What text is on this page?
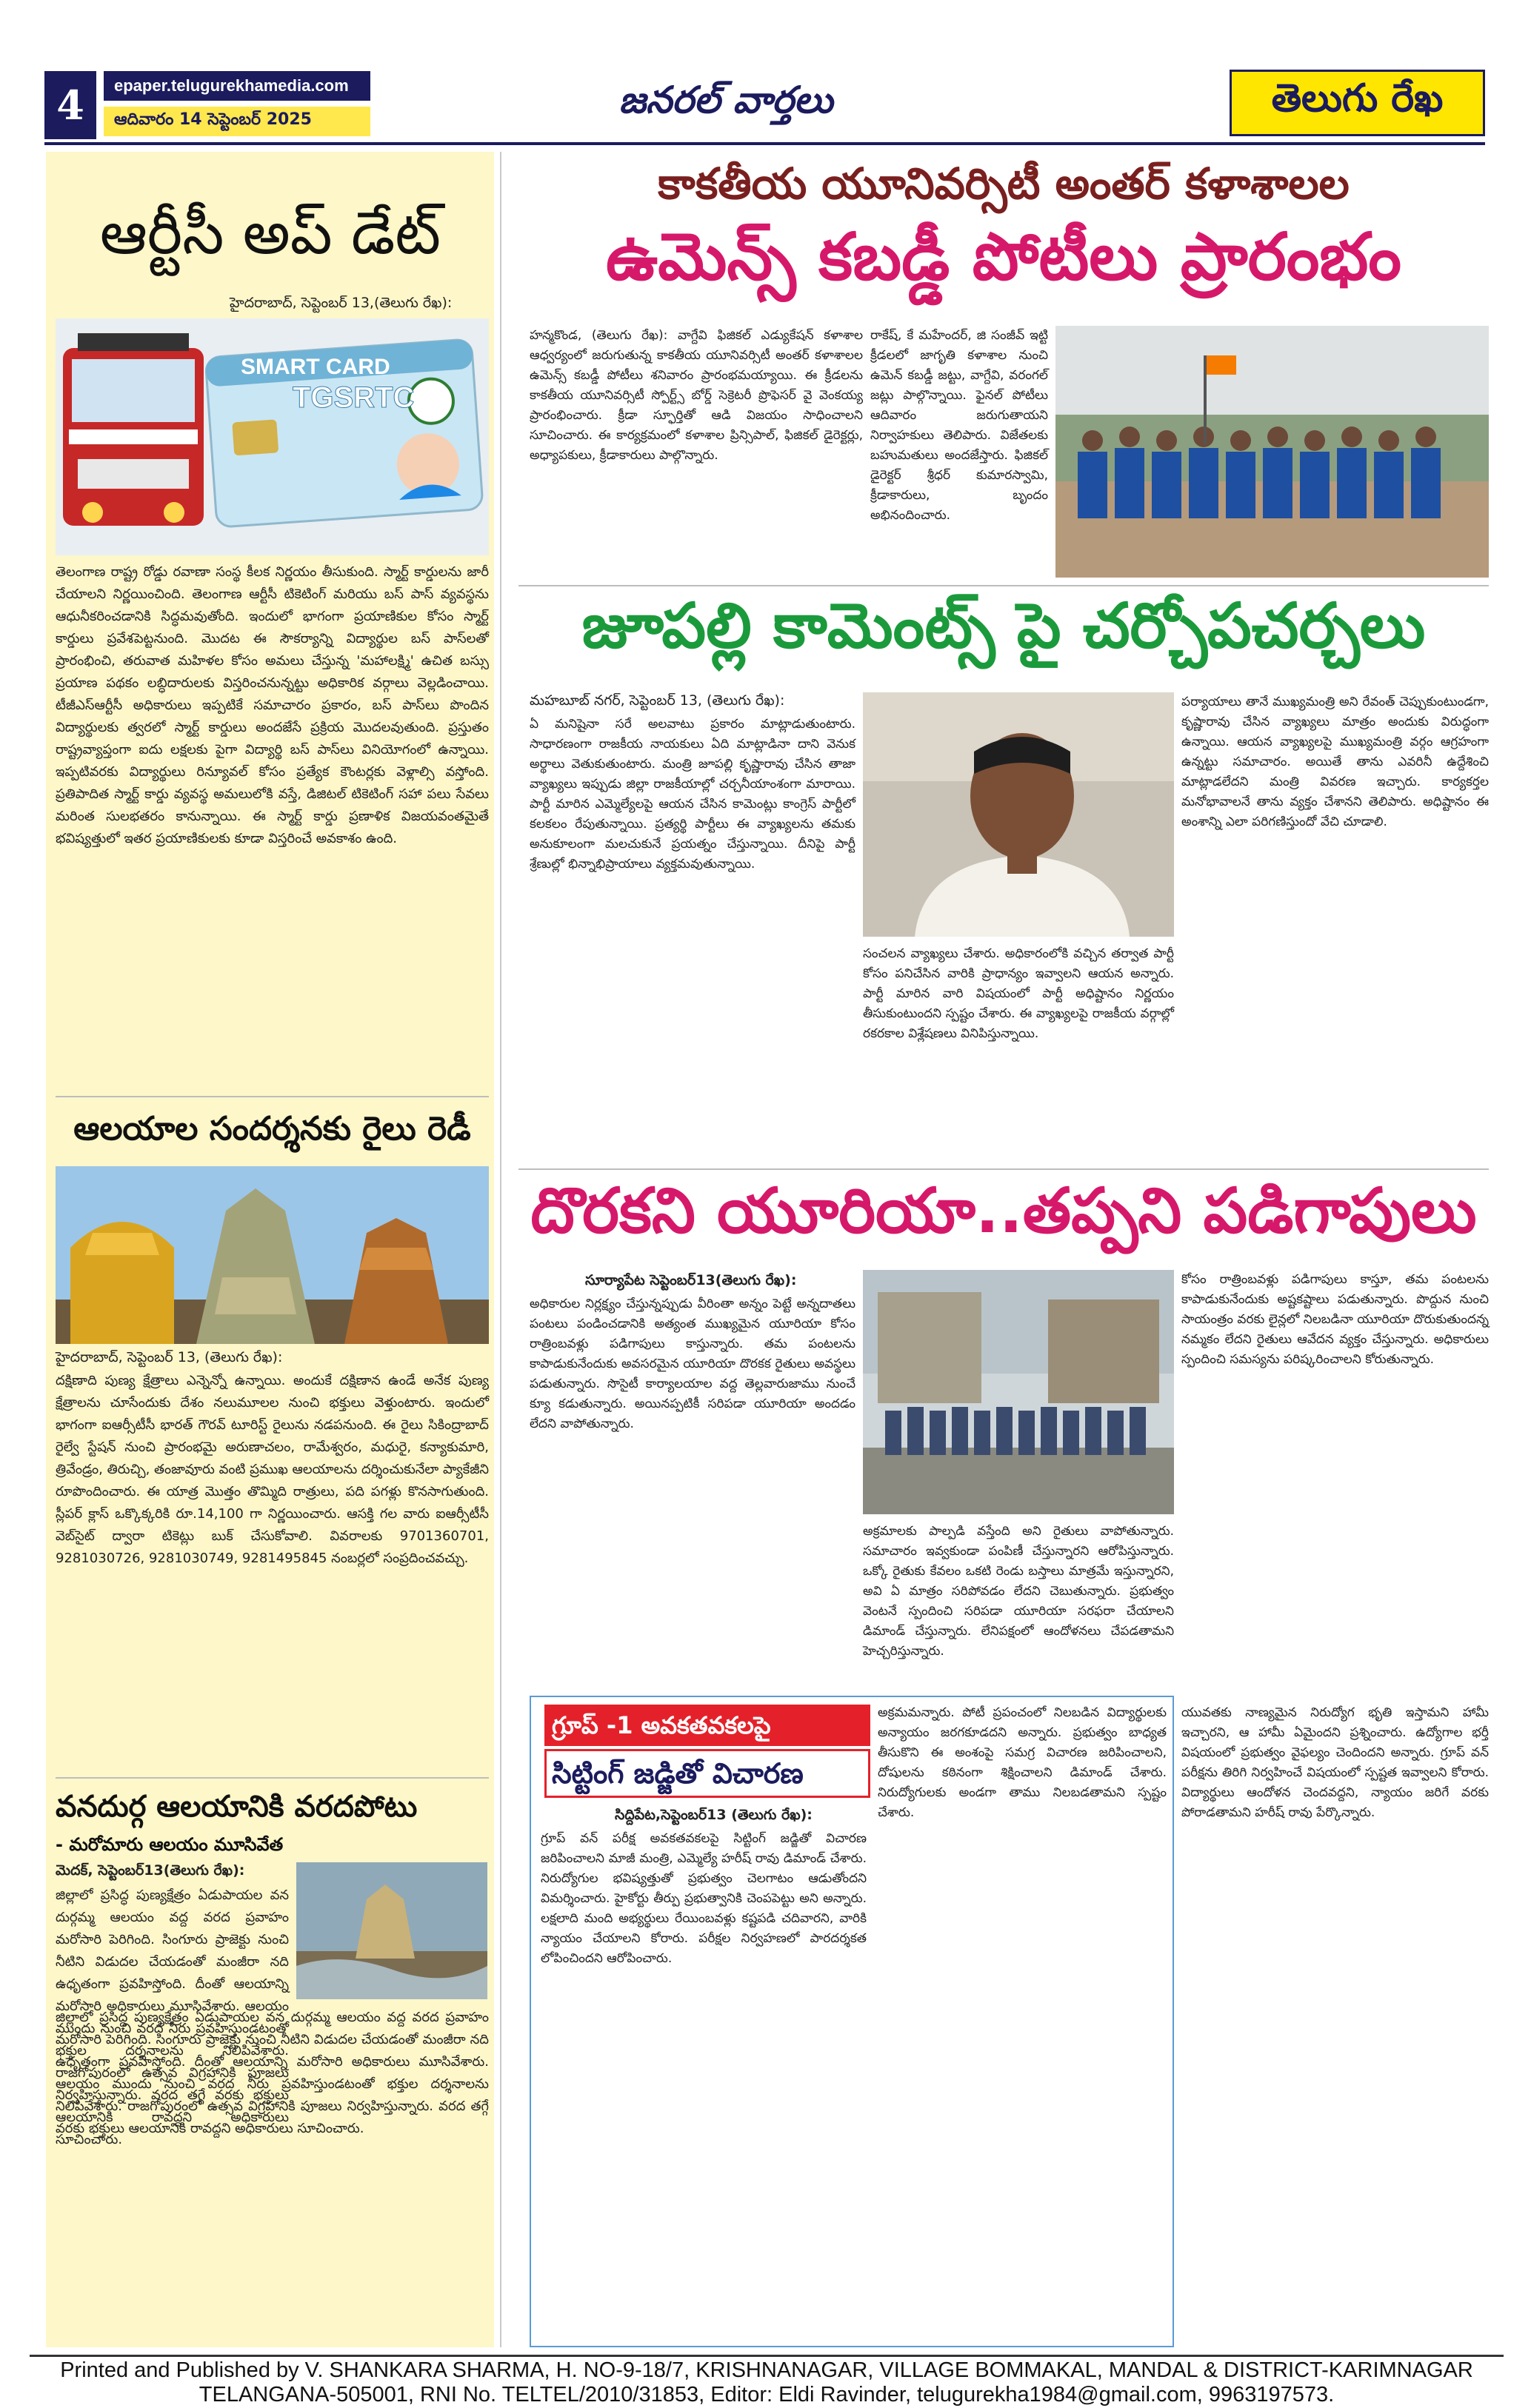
4	epaper.telugurekhamedia.com
ఆదివారం 14 సెప్టెంబర్ 2025	జనరల్ వార్తలు	తెలుగు రేఖ
ఆర్టీసీ అప్ డేట్
హైదరాబాద్, సెప్టెంబర్ 13,(తెలుగు రేఖ):
SMART CARD
TGSRTC
తెలంగాణ రాష్ట్ర రోడ్డు రవాణా సంస్థ కీలక నిర్ణయం తీసుకుంది. స్మార్ట్ కార్డులను జారీ చేయాలని నిర్ణయించింది. తెలంగాణ ఆర్టీసీ టికెటింగ్ మరియు బస్ పాస్ వ్యవస్థను ఆధునీకరించడానికి సిద్ధమవుతోంది. ఇందులో భాగంగా ప్రయాణికుల కోసం స్మార్ట్ కార్డులు ప్రవేశపెట్టనుంది. మొదట ఈ సౌకర్యాన్ని విద్యార్థుల బస్ పాస్‌లతో ప్రారంభించి, తరువాత మహిళల కోసం అమలు చేస్తున్న 'మహాలక్ష్మి' ఉచిత బస్సు ప్రయాణ పథకం లబ్ధిదారులకు విస్తరించనున్నట్టు అధికారిక వర్గాలు వెల్లడించాయి. టీజీఎస్ఆర్టీసీ అధికారులు ఇప్పటికే సమాచారం ప్రకారం, బస్ పాస్‌లు పొందిన విద్యార్థులకు త్వరలో స్మార్ట్ కార్డులు అందజేసే ప్రక్రియ మొదలవుతుంది. ప్రస్తుతం రాష్ట్రవ్యాప్తంగా ఐదు లక్షలకు పైగా విద్యార్థి బస్ పాస్‌లు వినియోగంలో ఉన్నాయి. ఇప్పటివరకు విద్యార్థులు రిన్యూవల్ కోసం ప్రత్యేక కౌంటర్లకు వెళ్లాల్సి వస్తోంది. ప్రతిపాదిత స్మార్ట్ కార్డు వ్యవస్థ అమలులోకి వస్తే, డిజిటల్ టికెటింగ్ సహా పలు సేవలు మరింత సులభతరం కానున్నాయి. ఈ స్మార్ట్ కార్డు ప్రణాళిక విజయవంతమైతే భవిష్యత్తులో ఇతర ప్రయాణికులకు కూడా విస్తరించే అవకాశం ఉంది.
ఆలయాల సందర్శనకు రైలు రెడీ
హైదరాబాద్, సెప్టెంబర్ 13, (తెలుగు రేఖ):
దక్షిణాది పుణ్య క్షేత్రాలు ఎన్నెన్నో ఉన్నాయి. అందుకే దక్షిణాన ఉండే అనేక పుణ్య క్షేత్రాలను చూసేందుకు దేశం నలుమూలల నుంచి భక్తులు వెళ్తుంటారు. ఇందులో భాగంగా ఐఆర్సీటీసీ భారత్ గౌరవ్ టూరిస్ట్ రైలును నడపనుంది. ఈ రైలు సికింద్రాబాద్ రైల్వే స్టేషన్ నుంచి ప్రారంభమై అరుణాచలం, రామేశ్వరం, మధురై, కన్యాకుమారి, త్రివేండ్రం, తిరుచ్చి, తంజావూరు వంటి ప్రముఖ ఆలయాలను దర్శించుకునేలా ప్యాకేజీని రూపొందించారు. ఈ యాత్ర మొత్తం తొమ్మిది రాత్రులు, పది పగళ్లు కొనసాగుతుంది. స్లీపర్ క్లాస్ ఒక్కొక్కరికి రూ.14,100 గా నిర్ణయించారు. ఆసక్తి గల వారు ఐఆర్సీటీసీ వెబ్‌సైట్ ద్వారా టికెట్లు బుక్ చేసుకోవాలి. వివరాలకు 9701360701, 9281030726, 9281030749, 9281495845 నంబర్లలో సంప్రదించవచ్చు.
వనదుర్గ ఆలయానికి వరదపోటు
- మరోమారు ఆలయం మూసివేత
మెదక్, సెప్టెంబర్13(తెలుగు రేఖ):
జిల్లాలో ప్రసిద్ధ పుణ్యక్షేత్రం ఏడుపాయల వన దుర్గమ్మ ఆలయం వద్ద వరద ప్రవాహం మరోసారి పెరిగింది. సింగూరు ప్రాజెక్టు నుంచి నీటిని విడుదల చేయడంతో మంజీరా నది ఉధృతంగా ప్రవహిస్తోంది. దీంతో ఆలయాన్ని మరోసారి అధికారులు మూసివేశారు. ఆలయం ముందు నుంచి వరద నీరు ప్రవహిస్తుండటంతో భక్తుల దర్శనాలను నిలిపివేశారు. రాజగోపురంలో ఉత్సవ విగ్రహానికి పూజలు నిర్వహిస్తున్నారు. వరద తగ్గే వరకు భక్తులు ఆలయానికి రావద్దని అధికారులు సూచించారు.
జిల్లాలో ప్రసిద్ధ పుణ్యక్షేత్రం ఏడుపాయల వన దుర్గమ్మ ఆలయం వద్ద వరద ప్రవాహం మరోసారి పెరిగింది. సింగూరు ప్రాజెక్టు నుంచి నీటిని విడుదల చేయడంతో మంజీరా నది ఉధృతంగా ప్రవహిస్తోంది. దీంతో ఆలయాన్ని మరోసారి అధికారులు మూసివేశారు. ఆలయం ముందు నుంచి వరద నీరు ప్రవహిస్తుండటంతో భక్తుల దర్శనాలను నిలిపివేశారు. రాజగోపురంలో ఉత్సవ విగ్రహానికి పూజలు నిర్వహిస్తున్నారు. వరద తగ్గే వరకు భక్తులు ఆలయానికి రావద్దని అధికారులు సూచించారు.
కాకతీయ యూనివర్సిటీ అంతర్ కళాశాలల
ఉమెన్స్ కబడ్డీ పోటీలు ప్రారంభం
హన్మకొండ, (తెలుగు రేఖ): వాగ్దేవి ఫిజికల్ ఎడ్యుకేషన్ కళాశాల ఆధ్వర్యంలో జరుగుతున్న కాకతీయ యూనివర్సిటీ అంతర్ కళాశాలల ఉమెన్స్ కబడ్డీ పోటీలు శనివారం ప్రారంభమయ్యాయి. ఈ క్రీడలను కాకతీయ యూనివర్సిటీ స్పోర్ట్స్ బోర్డ్ సెక్రెటరీ ప్రొఫెసర్ వై వెంకయ్య ప్రారంభించారు. క్రీడా స్ఫూర్తితో ఆడి విజయం సాధించాలని సూచించారు. ఈ కార్యక్రమంలో కళాశాల ప్రిన్సిపాల్, ఫిజికల్ డైరెక్టర్లు, అధ్యాపకులు, క్రీడాకారులు పాల్గొన్నారు.
రాకేష్, కే మహేందర్, జి సంజీవ్ ఇట్టి క్రీడలలో జాగృతి కళాశాల నుంచి ఉమెన్ కబడ్డీ జట్టు, వాగ్దేవి, వరంగల్ జట్లు పాల్గొన్నాయి. ఫైనల్ పోటీలు ఆదివారం జరుగుతాయని నిర్వాహకులు తెలిపారు. విజేతలకు బహుమతులు అందజేస్తారు. ఫిజికల్ డైరెక్టర్ శ్రీధర్ కుమారస్వామి, క్రీడాకారులు, బృందం అభినందించారు.
జూపల్లి కామెంట్స్ పై చర్చోపచర్చలు
మహబూబ్ నగర్, సెప్టెంబర్ 13, (తెలుగు రేఖ):
ఏ మనిషైనా సరే అలవాటు ప్రకారం మాట్లాడుతుంటారు. సాధారణంగా రాజకీయ నాయకులు ఏది మాట్లాడినా దాని వెనుక అర్థాలు వెతుకుతుంటారు. మంత్రి జూపల్లి కృష్ణారావు చేసిన తాజా వ్యాఖ్యలు ఇప్పుడు జిల్లా రాజకీయాల్లో చర్చనీయాంశంగా మారాయి. పార్టీ మారిన ఎమ్మెల్యేలపై ఆయన చేసిన కామెంట్లు కాంగ్రెస్ పార్టీలో కలకలం రేపుతున్నాయి. ప్రత్యర్థి పార్టీలు ఈ వ్యాఖ్యలను తమకు అనుకూలంగా మలచుకునే ప్రయత్నం చేస్తున్నాయి. దీనిపై పార్టీ శ్రేణుల్లో భిన్నాభిప్రాయాలు వ్యక్తమవుతున్నాయి.
సంచలన వ్యాఖ్యలు చేశారు. అధికారంలోకి వచ్చిన తర్వాత పార్టీ కోసం పనిచేసిన వారికి ప్రాధాన్యం ఇవ్వాలని ఆయన అన్నారు. పార్టీ మారిన వారి విషయంలో పార్టీ అధిష్టానం నిర్ణయం తీసుకుంటుందని స్పష్టం చేశారు. ఈ వ్యాఖ్యలపై రాజకీయ వర్గాల్లో రకరకాల విశ్లేషణలు వినిపిస్తున్నాయి.
పర్యాయాలు తానే ముఖ్యమంత్రి అని రేవంత్ చెప్పుకుంటుండగా, కృష్ణారావు చేసిన వ్యాఖ్యలు మాత్రం అందుకు విరుద్ధంగా ఉన్నాయి. ఆయన వ్యాఖ్యలపై ముఖ్యమంత్రి వర్గం ఆగ్రహంగా ఉన్నట్టు సమాచారం. అయితే తాను ఎవరినీ ఉద్దేశించి మాట్లాడలేదని మంత్రి వివరణ ఇచ్చారు. కార్యకర్తల మనోభావాలనే తాను వ్యక్తం చేశానని తెలిపారు. అధిష్టానం ఈ అంశాన్ని ఎలా పరిగణిస్తుందో వేచి చూడాలి.
దొరకని యూరియా..తప్పని పడిగాపులు
సూర్యాపేట సెప్టెంబర్13(తెలుగు రేఖ):
అధికారుల నిర్లక్ష్యం చేస్తున్నప్పుడు వీరింతా అన్నం పెట్టే అన్నదాతలు పంటలు పండించడానికి అత్యంత ముఖ్యమైన యూరియా కోసం రాత్రింబవళ్లు పడిగాపులు కాస్తున్నారు. తమ పంటలను కాపాడుకునేందుకు అవసరమైన యూరియా దొరకక రైతులు అవస్థలు పడుతున్నారు. సొసైటీ కార్యాలయాల వద్ద తెల్లవారుజాము నుంచే క్యూ కడుతున్నారు. అయినప్పటికీ సరిపడా యూరియా అందడం లేదని వాపోతున్నారు.
అక్రమాలకు పాల్పడి వస్తేంది అని రైతులు వాపోతున్నారు. సమాచారం ఇవ్వకుండా పంపిణీ చేస్తున్నారని ఆరోపిస్తున్నారు. ఒక్కో రైతుకు కేవలం ఒకటి రెండు బస్తాలు మాత్రమే ఇస్తున్నారని, అవి ఏ మాత్రం సరిపోవడం లేదని చెబుతున్నారు. ప్రభుత్వం వెంటనే స్పందించి సరిపడా యూరియా సరఫరా చేయాలని డిమాండ్ చేస్తున్నారు. లేనిపక్షంలో ఆందోళనలు చేపడతామని హెచ్చరిస్తున్నారు.
కోసం రాత్రింబవళ్లు పడిగాపులు కాస్తూ, తమ పంటలను కాపాడుకునేందుకు అష్టకష్టాలు పడుతున్నారు. పొద్దున నుంచి సాయంత్రం వరకు లైన్లలో నిలబడినా యూరియా దొరుకుతుందన్న నమ్మకం లేదని రైతులు ఆవేదన వ్యక్తం చేస్తున్నారు. అధికారులు స్పందించి సమస్యను పరిష్కరించాలని కోరుతున్నారు.
గ్రూప్ -1 అవకతవకలపై
సిట్టింగ్ జడ్జితో విచారణ
సిద్దిపేట,సెప్టెంబర్13 (తెలుగు రేఖ):
గ్రూప్ వన్ పరీక్ష అవకతవకలపై సిట్టింగ్ జడ్జితో విచారణ జరిపించాలని మాజీ మంత్రి, ఎమ్మెల్యే హరీష్ రావు డిమాండ్ చేశారు. నిరుద్యోగుల భవిష్యత్తుతో ప్రభుత్వం చెలగాటం ఆడుతోందని విమర్శించారు. హైకోర్టు తీర్పు ప్రభుత్వానికి చెంపపెట్టు అని అన్నారు. లక్షలాది మంది అభ్యర్థులు రేయింబవళ్లు కష్టపడి చదివారని, వారికి న్యాయం చేయాలని కోరారు. పరీక్షల నిర్వహణలో పారదర్శకత లోపించిందని ఆరోపించారు.
అక్రమమన్నారు. పోటీ ప్రపంచంలో నిలబడిన విద్యార్థులకు అన్యాయం జరగకూడదని అన్నారు. ప్రభుత్వం బాధ్యత తీసుకొని ఈ అంశంపై సమగ్ర విచారణ జరిపించాలని, దోషులను కఠినంగా శిక్షించాలని డిమాండ్ చేశారు. నిరుద్యోగులకు అండగా తాము నిలబడతామని స్పష్టం చేశారు.
యువతకు నాణ్యమైన నిరుద్యోగ భృతి ఇస్తామని హామీ ఇచ్చారని, ఆ హామీ ఏమైందని ప్రశ్నించారు. ఉద్యోగాల భర్తీ విషయంలో ప్రభుత్వం వైఫల్యం చెందిందని అన్నారు. గ్రూప్ వన్ పరీక్షను తిరిగి నిర్వహించే విషయంలో స్పష్టత ఇవ్వాలని కోరారు. విద్యార్థులు ఆందోళన చెందవద్దని, న్యాయం జరిగే వరకు పోరాడతామని హరీష్ రావు పేర్కొన్నారు.
Printed and Published by V. SHANKARA SHARMA, H. NO-9-18/7, KRISHNANAGAR, VILLAGE BOMMAKAL, MANDAL & DISTRICT-KARIMNAGAR
TELANGANA-505001, RNI No. TELTEL/2010/31853, Editor: Eldi Ravinder, telugurekha1984@gmail.com, 9963197573.
